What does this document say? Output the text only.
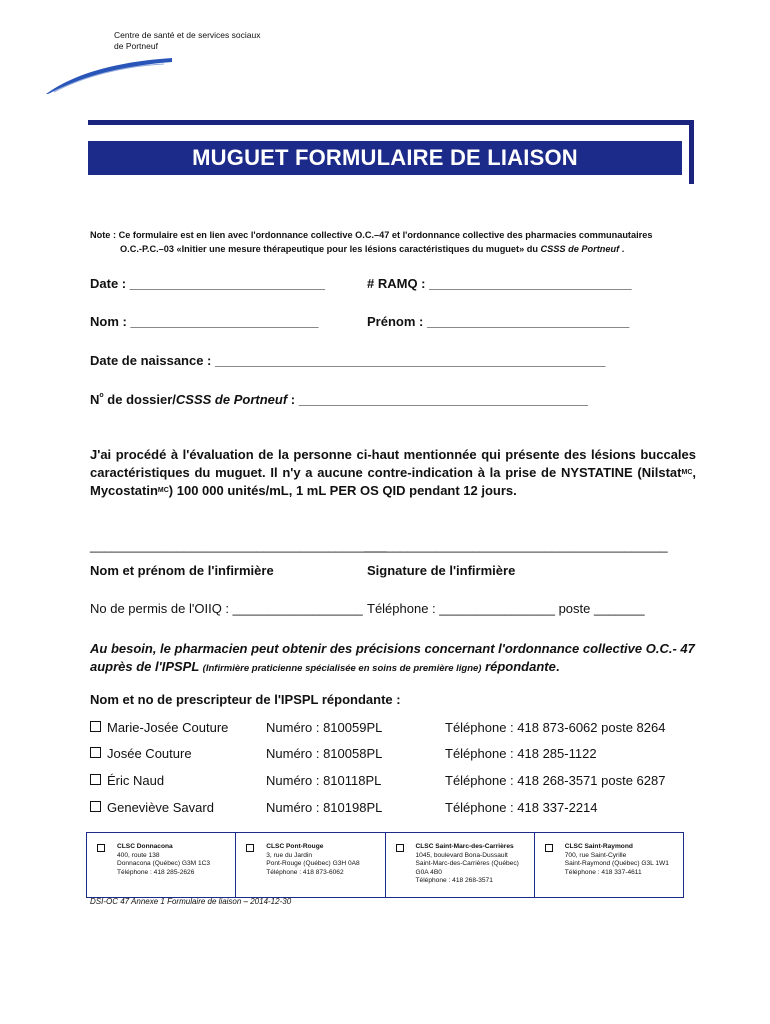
Centre de santé et de services sociaux
de Portneuf
MUGUET FORMULAIRE DE LIAISON
Note : Ce formulaire est en lien avec l'ordonnance collective O.C.–47 et l'ordonnance collective des pharmacies communautaires
O.C.-P.C.–03 «Initier une mesure thérapeutique pour les lésions caractéristiques du muguet» du CSSS de Portneuf .
Date : ___________________________	# RAMQ : ____________________________
Nom : __________________________	Prénom : ____________________________
Date de naissance : ______________________________________________________
$N^o$ de dossier/CSSS de Portneuf : ________________________________________
J'ai procédé à l'évaluation de la personne ci-haut mentionnée qui présente des lésions buccales caractéristiques du muguet. Il n'y a aucune contre-indication à la prise de NYSTATINE (Nilstat$^{MC}$, Mycostatin$^{MC}$) 100 000 unités/mL, 1 mL PER OS QID pendant 12 jours.
_________________________________________
__________________________________________
Nom et prénom de l'infirmière	Signature de l'infirmière
No de permis de l'OIIQ : __________________ Téléphone : ________________ poste _______
Au besoin, le pharmacien peut obtenir des précisions concernant l'ordonnance collective O.C.- 47 auprès de l'IPSPL (Infirmière praticienne spécialisée en soins de première ligne) répondante.
Nom et no de prescripteur de l'IPSPL répondante :
Marie-Josée Couture	Numéro : 810059PL	Téléphone : 418 873-6062 poste 8264
Josée Couture	Numéro : 810058PL	Téléphone : 418 285-1122
Éric Naud	Numéro : 810118PL	Téléphone : 418 268-3571 poste 6287
Geneviève Savard	Numéro : 810198PL	Téléphone : 418 337-2214
CLSC Donnacona
400, route 138
Donnacona (Québec) G3M 1C3
Téléphone : 418 285-2626
CLSC Pont-Rouge
3, rue du Jardin
Pont-Rouge (Québec) G3H 0A8
Téléphone : 418 873-6062
CLSC Saint-Marc-des-Carrières
1045, boulevard Bona-Dussault
Saint-Marc-des-Carrières (Québec)
G0A 4B0
Téléphone : 418 268-3571
CLSC Saint-Raymond
700, rue Saint-Cyrille
Saint-Raymond (Québec) G3L 1W1
Téléphone : 418 337-4611
DSI-OC 47 Annexe 1 Formulaire de liaison – 2014-12-30
